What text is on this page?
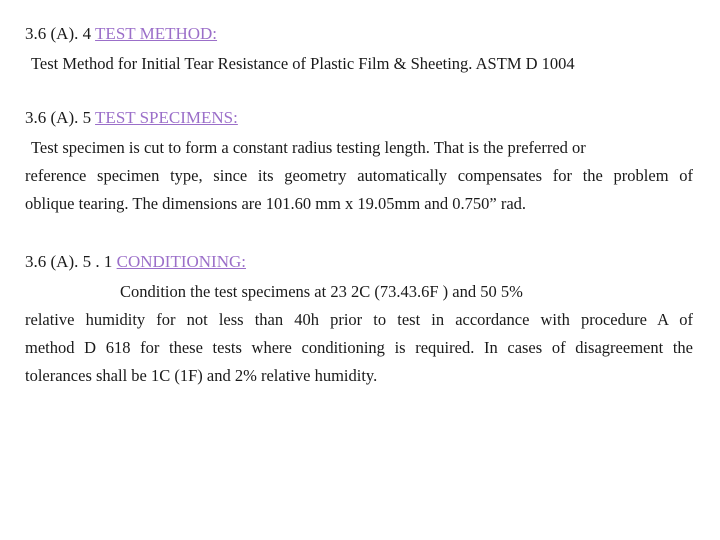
3.6 (A). 4 TEST METHOD:
Test Method for Initial Tear Resistance of Plastic Film & Sheeting. ASTM D 1004
3.6 (A). 5 TEST SPECIMENS:
Test specimen is cut to form a constant radius testing length. That is the preferred or
reference specimen type, since its geometry automatically compensates for the problem of
oblique tearing. The dimensions are 101.60 mm x 19.05mm and 0.750” rad.
3.6 (A). 5 . 1 CONDITIONING:
Condition the test specimens at 23 2C (73.43.6F ) and 50 5%
relative humidity for not less than 40h prior to test in accordance with procedure A of
method D 618 for these tests where conditioning is required. In cases of disagreement the
tolerances shall be 1C (1F) and 2% relative humidity.
